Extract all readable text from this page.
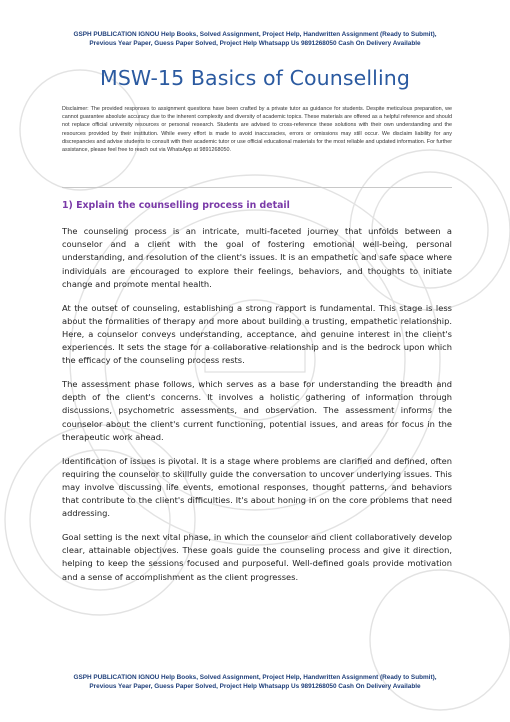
GSPH PUBLICATION IGNOU Help Books, Solved Assignment, Project Help, Handwritten Assignment (Ready to Submit),
Previous Year Paper, Guess Paper Solved, Project Help Whatsapp Us 9891268050 Cash On Delivery Available
MSW-15 Basics of Counselling
Disclaimer: The provided responses to assignment questions have been crafted by a private tutor as guidance for students. Despite meticulous preparation, we cannot guarantee absolute accuracy due to the inherent complexity and diversity of academic topics. These materials are offered as a helpful reference and should not replace official university resources or personal research. Students are advised to cross-reference these solutions with their own understanding and the resources provided by their institution. While every effort is made to avoid inaccuracies, errors or omissions may still occur. We disclaim liability for any discrepancies and advise students to consult with their academic tutor or use official educational materials for the most reliable and updated information. For further assistance, please feel free to reach out via WhatsApp at 9891268050.
1) Explain the counselling process in detail

The counseling process is an intricate, multi-faceted journey that unfolds between a counselor and a client with the goal of fostering emotional well-being, personal understanding, and resolution of the client's issues. It is an empathetic and safe space where individuals are encouraged to explore their feelings, behaviors, and thoughts to initiate change and promote mental health.

At the outset of counseling, establishing a strong rapport is fundamental. This stage is less about the formalities of therapy and more about building a trusting, empathetic relationship. Here, a counselor conveys understanding, acceptance, and genuine interest in the client's experiences. It sets the stage for a collaborative relationship and is the bedrock upon which the efficacy of the counseling process rests.

The assessment phase follows, which serves as a base for understanding the breadth and depth of the client's concerns. It involves a holistic gathering of information through discussions, psychometric assessments, and observation. The assessment informs the counselor about the client's current functioning, potential issues, and areas for focus in the therapeutic work ahead.

Identification of issues is pivotal. It is a stage where problems are clarified and defined, often requiring the counselor to skillfully guide the conversation to uncover underlying issues. This may involve discussing life events, emotional responses, thought patterns, and behaviors that contribute to the client's difficulties. It's about honing in on the core problems that need addressing.

Goal setting is the next vital phase, in which the counselor and client collaboratively develop clear, attainable objectives. These goals guide the counseling process and give it direction, helping to keep the sessions focused and purposeful. Well-defined goals provide motivation and a sense of accomplishment as the client progresses.

GSPH PUBLICATION IGNOU Help Books, Solved Assignment, Project Help, Handwritten Assignment (Ready to Submit),
Previous Year Paper, Guess Paper Solved, Project Help Whatsapp Us 9891268050 Cash On Delivery Available
